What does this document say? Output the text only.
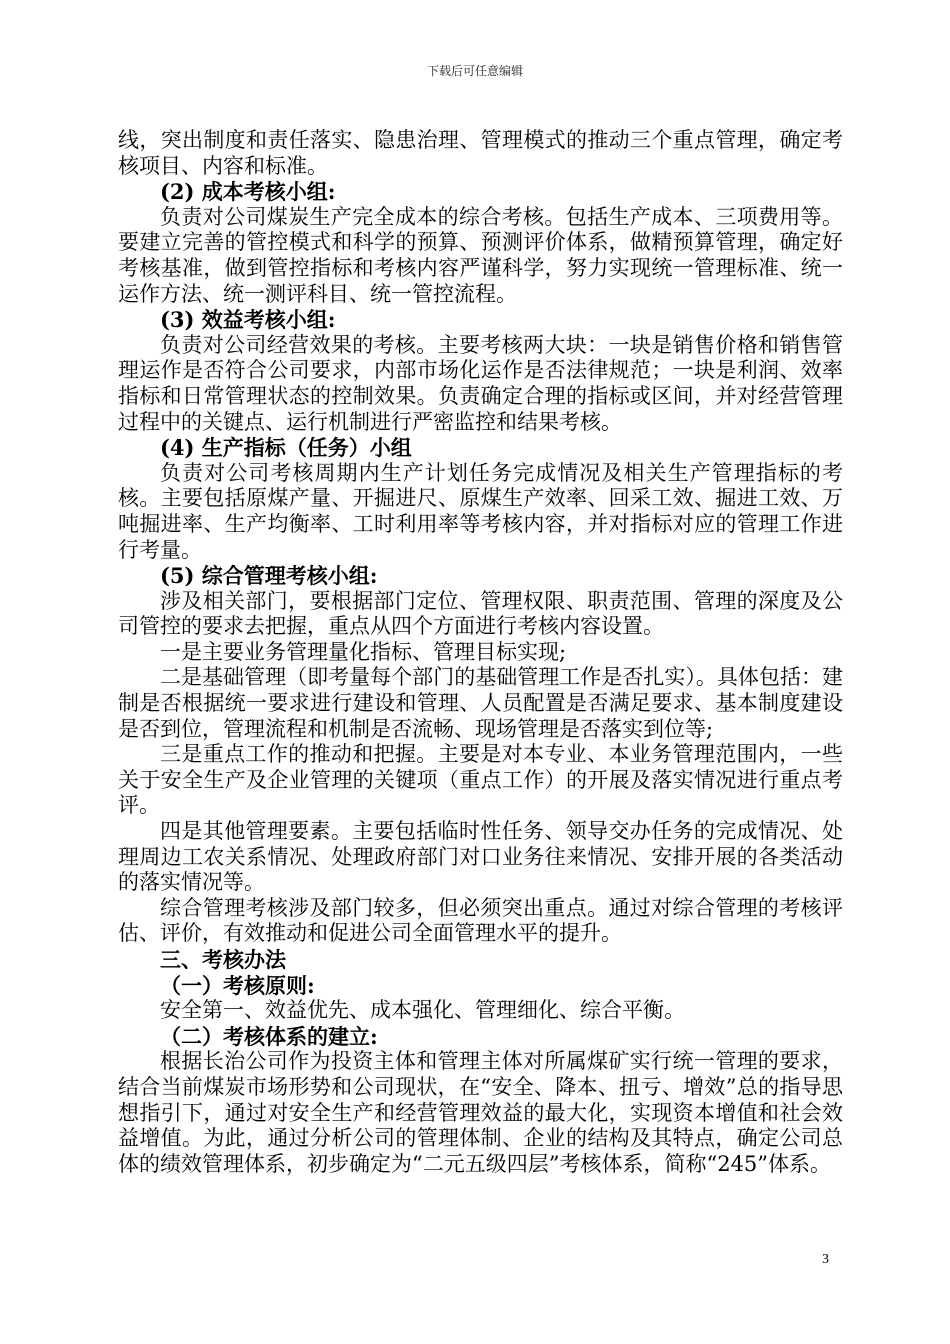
下载后可任意编辑

线，突出制度和责任落实、隐患治理、管理模式的推动三个重点管理，确定考核项目、内容和标准。

(2) 成本考核小组:

负责对公司煤炭生产完全成本的综合考核。包括生产成本、三项费用等。要建立完善的管控模式和科学的预算、预测评价体系，做精预算管理，确定好考核基准，做到管控指标和考核内容严谨科学，努力实现统一管理标准、统一运作方法、统一测评科目、统一管控流程。

(3) 效益考核小组:

负责对公司经营效果的考核。主要考核两大块：一块是销售价格和销售管理运作是否符合公司要求，内部市场化运作是否法律规范；一块是利润、效率指标和日常管理状态的控制效果。负责确定合理的指标或区间，并对经营管理过程中的关键点、运行机制进行严密监控和结果考核。

(4) 生产指标（任务）小组

负责对公司考核周期内生产计划任务完成情况及相关生产管理指标的考核。主要包括原煤产量、开掘进尺、原煤生产效率、回采工效、掘进工效、万吨掘进率、生产均衡率、工时利用率等考核内容，并对指标对应的管理工作进行考量。

(5) 综合管理考核小组:

涉及相关部门，要根据部门定位、管理权限、职责范围、管理的深度及公司管控的要求去把握，重点从四个方面进行考核内容设置。

一是主要业务管理量化指标、管理目标实现;

二是基础管理（即考量每个部门的基础管理工作是否扎实）。具体包括：建制是否根据统一要求进行建设和管理、人员配置是否满足要求、基本制度建设是否到位，管理流程和机制是否流畅、现场管理是否落实到位等;

三是重点工作的推动和把握。主要是对本专业、本业务管理范围内，一些关于安全生产及企业管理的关键项（重点工作）的开展及落实情况进行重点考评。

四是其他管理要素。主要包括临时性任务、领导交办任务的完成情况、处理周边工农关系情况、处理政府部门对口业务往来情况、安排开展的各类活动的落实情况等。

综合管理考核涉及部门较多，但必须突出重点。通过对综合管理的考核评估、评价，有效推动和促进公司全面管理水平的提升。

三、考核办法

（一）考核原则:

安全第一、效益优先、成本强化、管理细化、综合平衡。

（二）考核体系的建立:

根据长治公司作为投资主体和管理主体对所属煤矿实行统一管理的要求，结合当前煤炭市场形势和公司现状，在“安全、降本、扭亏、增效”总的指导思想指引下，通过对安全生产和经营管理效益的最大化，实现资本增值和社会效益增值。为此，通过分析公司的管理体制、企业的结构及其特点，确定公司总体的绩效管理体系，初步确定为“二元五级四层”考核体系，简称“245”体系。

3
